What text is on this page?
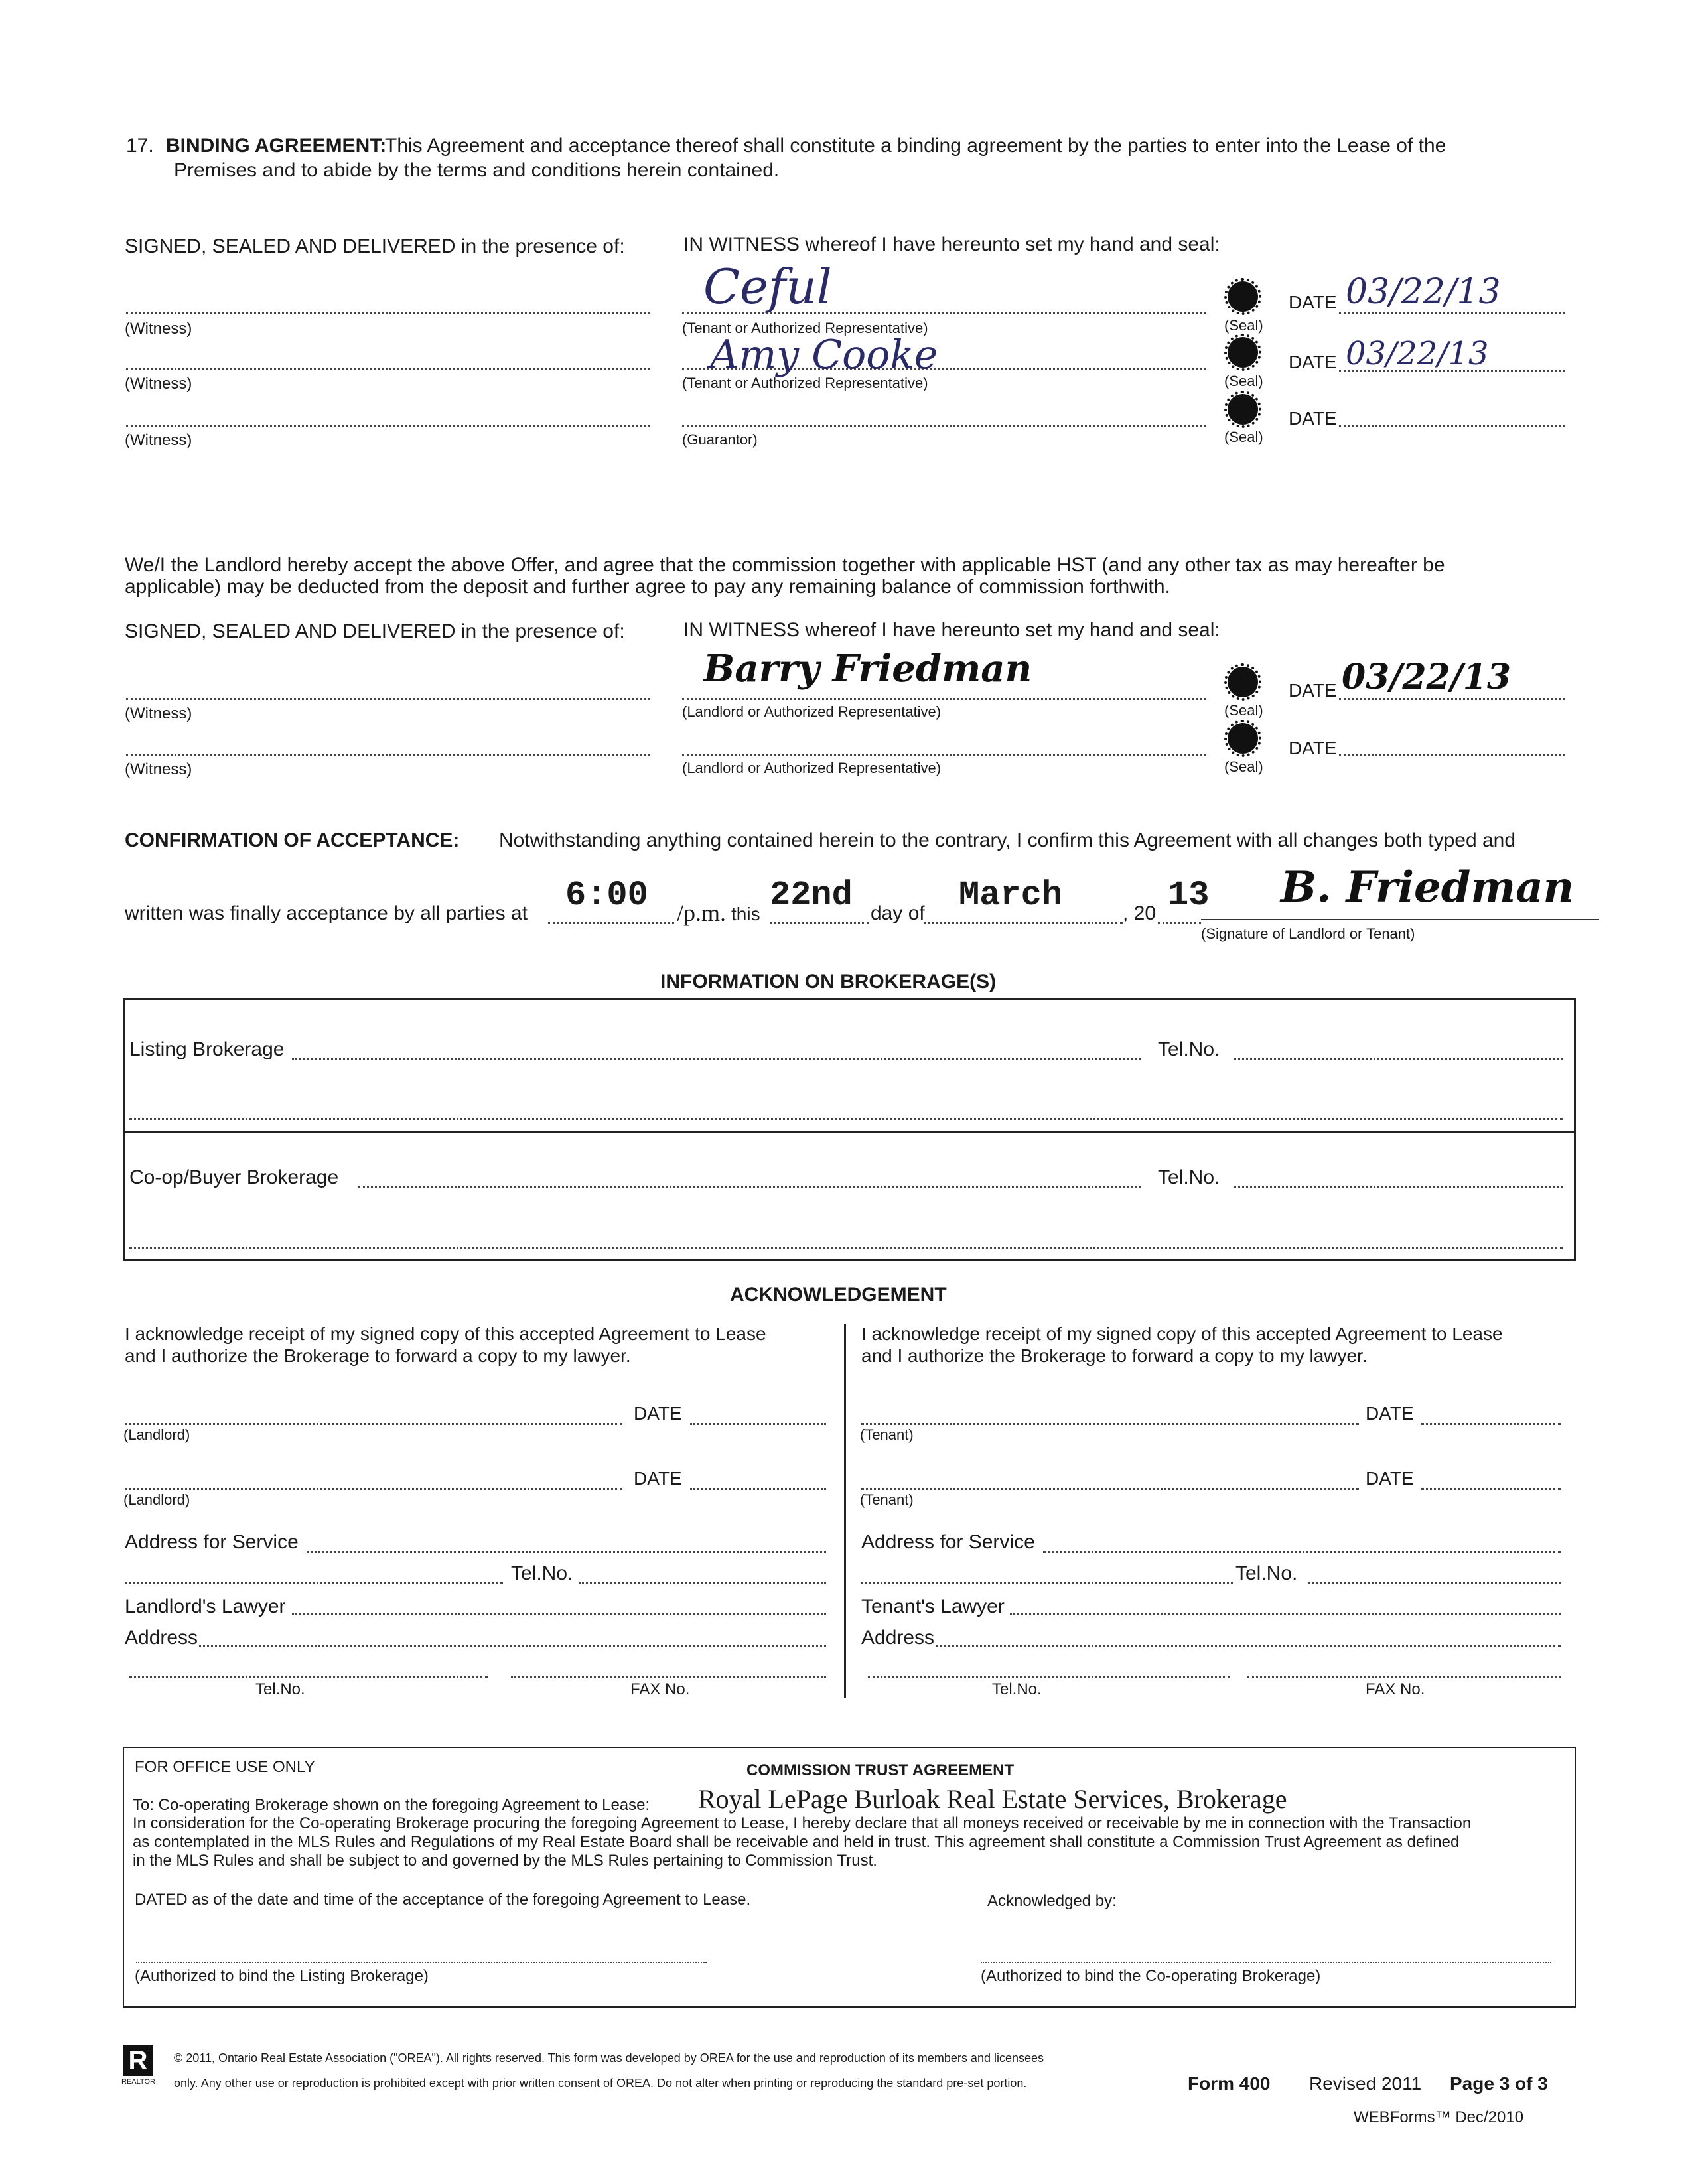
17. BINDING AGREEMENT:
This Agreement and acceptance thereof shall constitute a binding agreement by the parties to enter into the Lease of the
Premises and to abide by the terms and conditions herein contained.
SIGNED, SEALED AND DELIVERED in the presence of:	IN WITNESS whereof I have hereunto set my hand and seal:
(Witness)	(Tenant or Authorized Representative)
Ceful
(Seal)
DATE 03/22/13
(Witness)	(Tenant or Authorized Representative)
Amy Cooke
(Seal)
DATE 03/22/13
(Witness)	(Guarantor)	(Seal)
DATE
We/I the Landlord hereby accept the above Offer, and agree that the commission together with applicable HST (and any other tax as may hereafter be
applicable) may be deducted from the deposit and further agree to pay any remaining balance of commission forthwith.
SIGNED, SEALED AND DELIVERED in the presence of:	IN WITNESS whereof I have hereunto set my hand and seal:
(Witness)	(Landlord or Authorized Representative)
Barry Friedman
(Seal)
DATE 03/22/13
(Witness)	(Landlord or Authorized Representative)	(Seal)
DATE
CONFIRMATION OF ACCEPTANCE: Notwithstanding anything contained herein to the contrary, I confirm this Agreement with all changes both typed and
written was finally acceptance by all parties at 6:00 /p.m. this 22nd day of March	, 20 13 B. Friedman
(Signature of Landlord or Tenant)
INFORMATION ON BROKERAGE(S)
Listing Brokerage	Tel.No.
Co-op/Buyer Brokerage	Tel.No.
ACKNOWLEDGEMENT
I acknowledge receipt of my signed copy of this accepted Agreement to Lease
and I authorize the Brokerage to forward a copy to my lawyer.
(Landlord)
DATE
(Landlord)
DATE
Address for Service
Tel.No.
Landlord's Lawyer
Address
Tel.No.	FAX No.
I acknowledge receipt of my signed copy of this accepted Agreement to Lease
and I authorize the Brokerage to forward a copy to my lawyer.
(Tenant)
DATE
(Tenant)
DATE
Address for Service
Tel.No.
Tenant's Lawyer
Address
Tel.No.	FAX No.
FOR OFFICE USE ONLY	COMMISSION TRUST AGREEMENT
To: Co-operating Brokerage shown on the foregoing Agreement to Lease: Royal LePage Burloak Real Estate Services, Brokerage
In consideration for the Co-operating Brokerage procuring the foregoing Agreement to Lease, I hereby declare that all moneys received or receivable by me in connection with the Transaction
as contemplated in the MLS Rules and Regulations of my Real Estate Board shall be receivable and held in trust. This agreement shall constitute a Commission Trust Agreement as defined
in the MLS Rules and shall be subject to and governed by the MLS Rules pertaining to Commission Trust.
DATED as of the date and time of the acceptance of the foregoing Agreement to Lease.	Acknowledged by:
(Authorized to bind the Listing Brokerage)	(Authorized to bind the Co-operating Brokerage)
R
REALTOR
© 2011, Ontario Real Estate Association ("OREA"). All rights reserved. This form was developed by OREA for the use and reproduction of its members and licensees
only. Any other use or reproduction is prohibited except with prior written consent of OREA. Do not alter when printing or reproducing the standard pre-set portion.	Form 400 Revised 2011 Page 3 of 3
WEBForms™ Dec/2010
